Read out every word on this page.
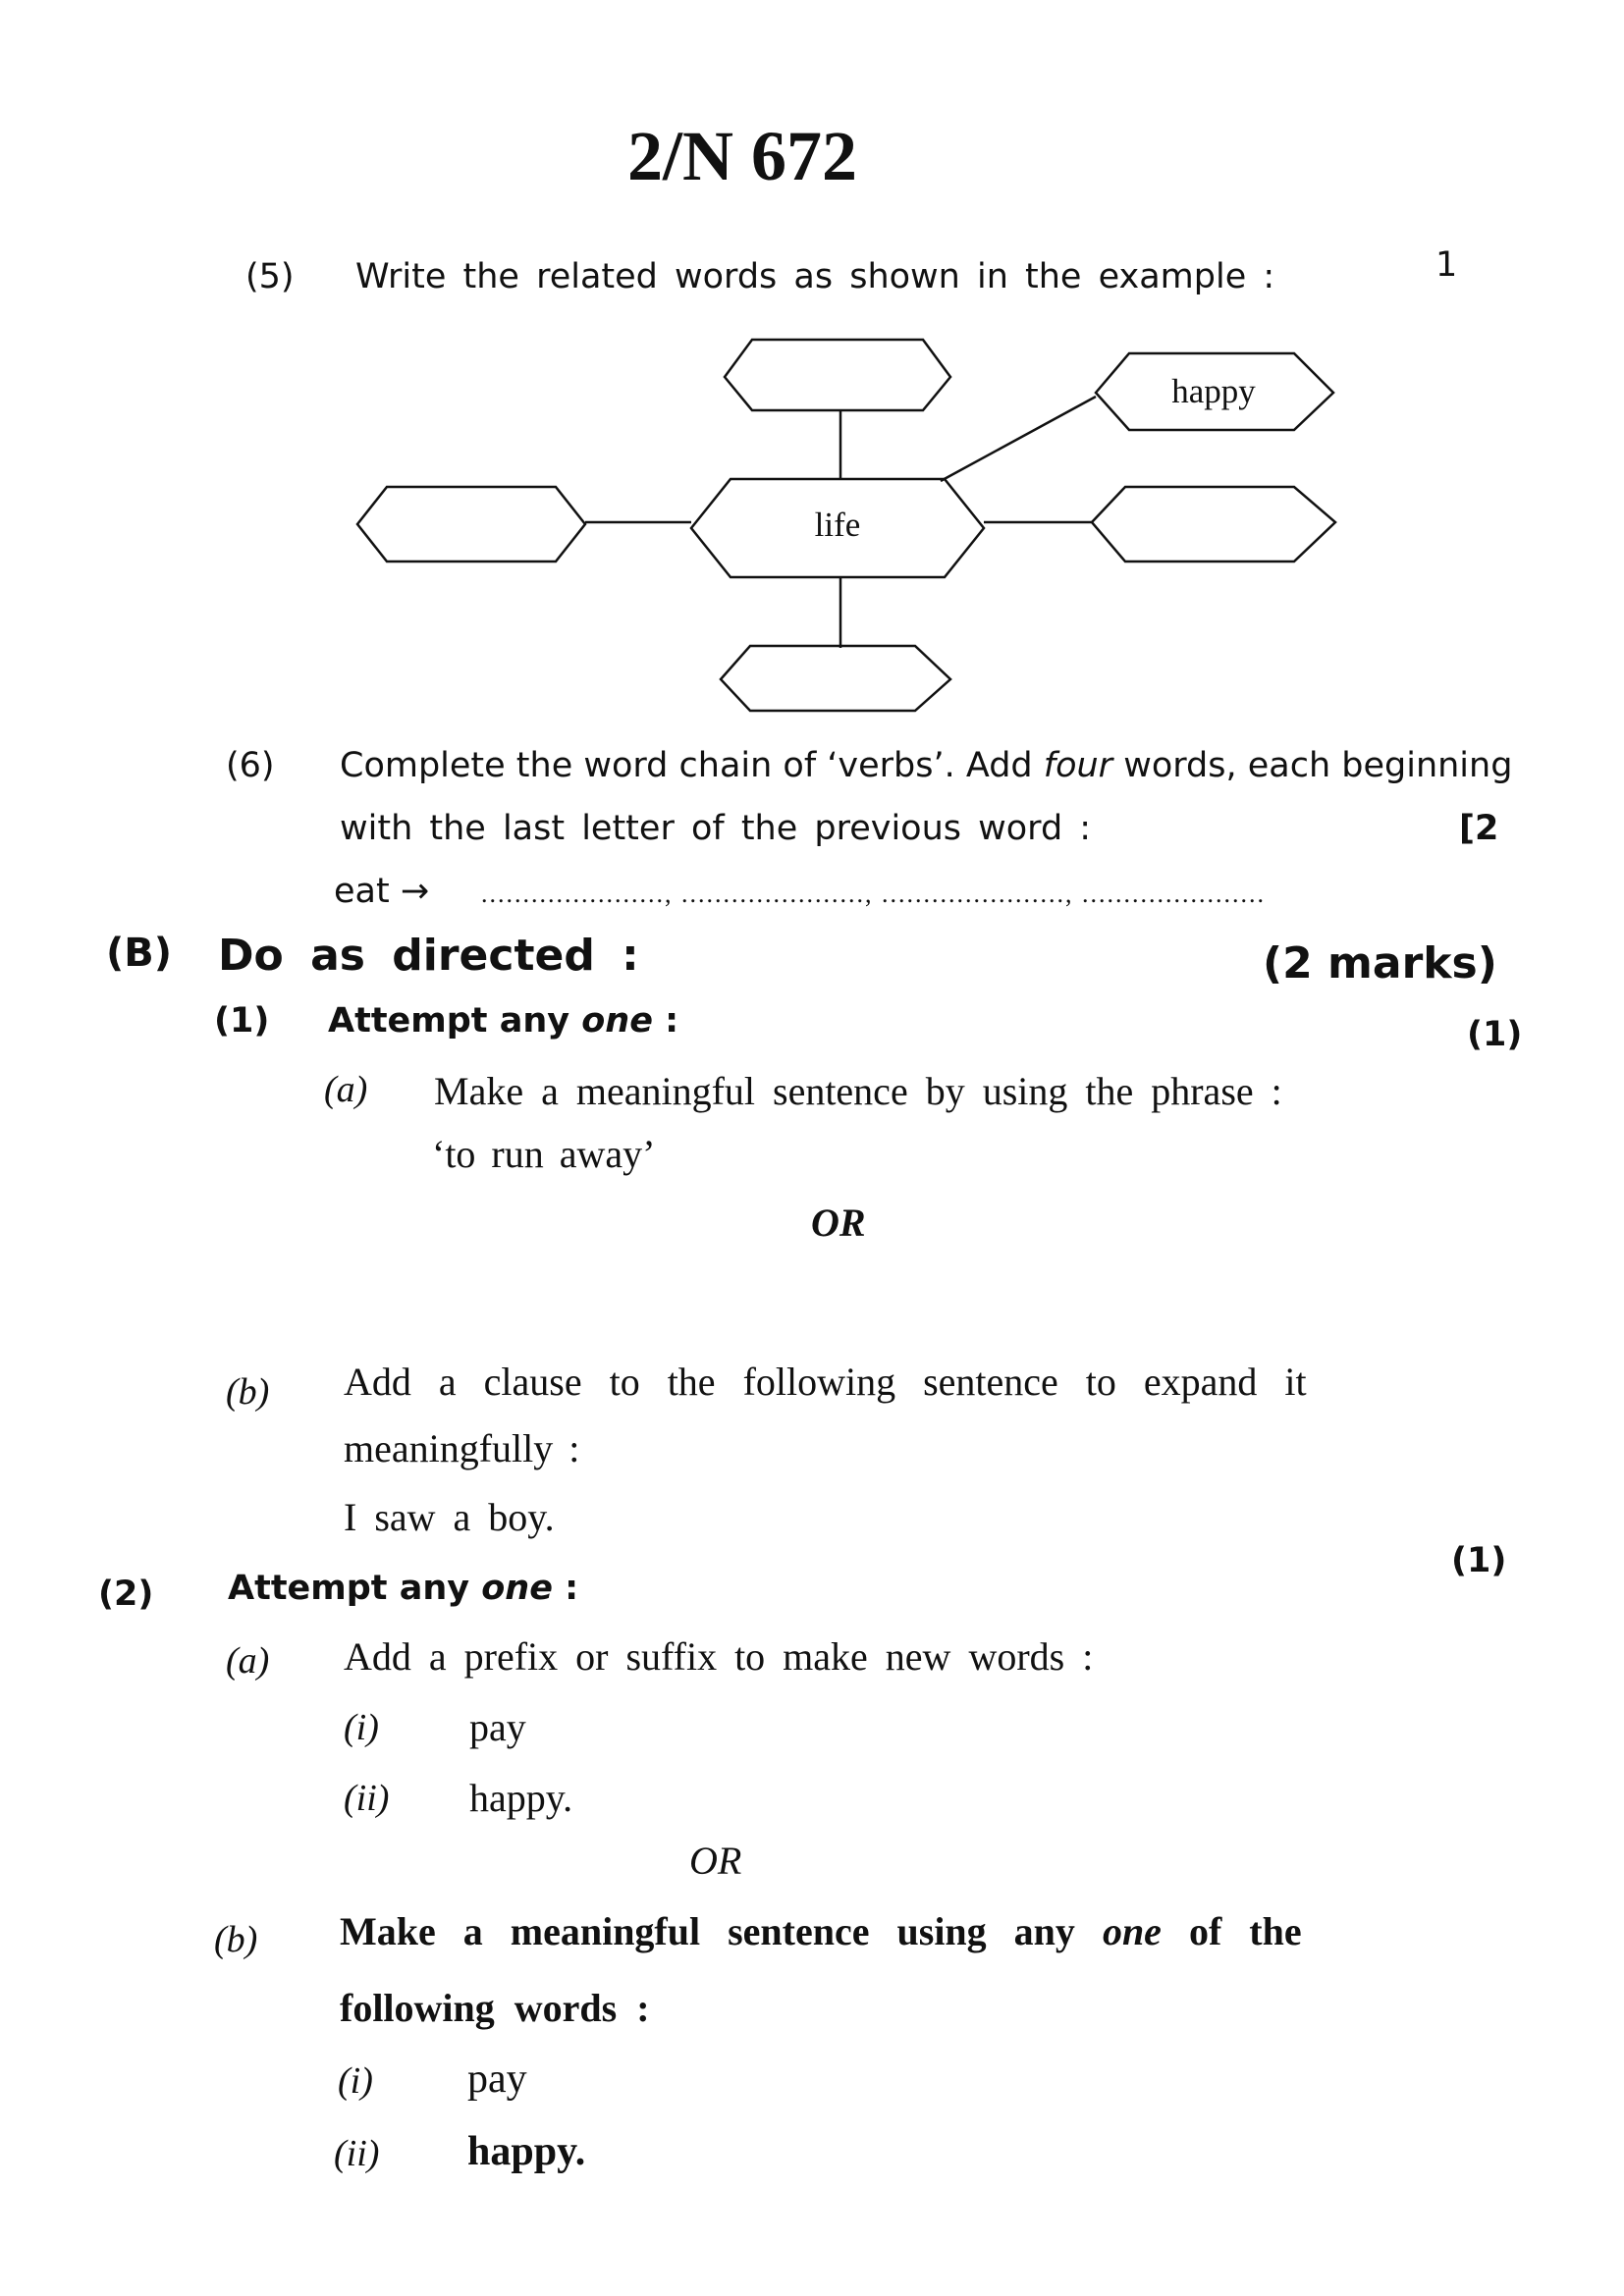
2/N 672
(5) Write the related words as shown in the example :	1
life
happy
(6) Complete the word chain of ‘verbs’. Add four words, each beginning
with the last letter of the previous word :	[2
eat → ......................, ......................, ......................, ......................
(B) Do as directed :	(2 marks)
(1) Attempt any one :	(1)
(a) Make a meaningful sentence by using the phrase :
‘to run away’
OR
(b) Add a clause to the following sentence to expand it
meaningfully :
I saw a boy.
(2) Attempt any one :
(1)
(a) Add a prefix or suffix to make new words :
(i) pay
(ii) happy.
OR
(b) Make a meaningful sentence using any one of the
following words :
(i) pay
(ii) happy.
